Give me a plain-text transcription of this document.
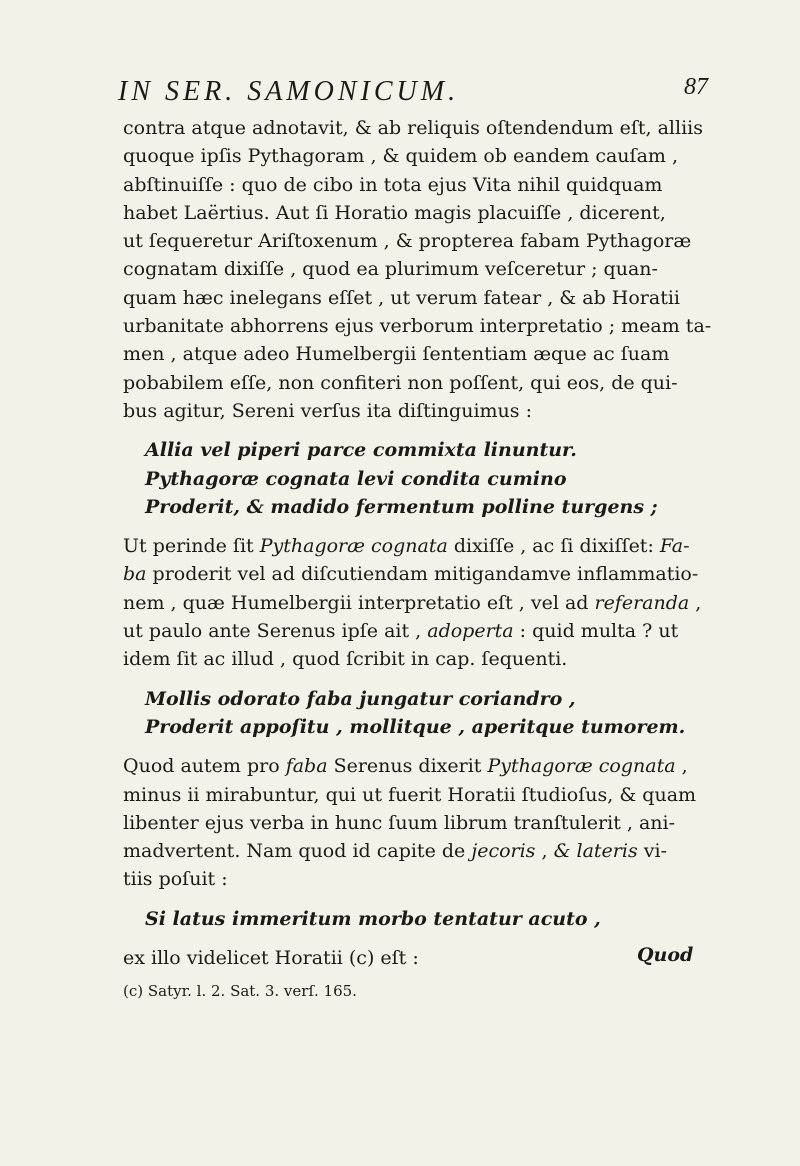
IN SER. SAMONICUM.	87
contra atque adnotavit, & ab reliquis oſtendendum eſt, alliis
quoque ipſis Pythagoram , & quidem ob eandem cauſam ,
abſtinuiſſe : quo de cibo in tota ejus Vita nihil quidquam
habet Laërtius. Aut ſi Horatio magis placuiſſe , dicerent,
ut ſequeretur Ariſtoxenum , & propterea fabam Pythagoræ
cognatam dixiſſe , quod ea plurimum veſceretur ; quan-
quam hæc inelegans eſſet , ut verum fatear , & ab Horatii
urbanitate abhorrens ejus verborum interpretatio ; meam ta-
men , atque adeo Humelbergii ſententiam æque ac ſuam
pobabilem eſſe, non confiteri non poſſent, qui eos, de qui-
bus agitur, Sereni verſus ita diſtinguimus :
Allia vel piperi parce commixta linuntur.
Pythagoræ cognata levi condita cumino
Proderit, & madido fermentum polline turgens ;
Ut perinde ſit Pythagoræ cognata dixiſſe , ac ſi dixiſſet: Fa-
ba proderit vel ad diſcutiendam mitigandamve inflammatio-
nem , quæ Humelbergii interpretatio eſt , vel ad referanda ,
ut paulo ante Serenus ipſe ait , adoperta : quid multa ? ut
idem ſit ac illud , quod ſcribit in cap. ſequenti.
Mollis odorato faba jungatur coriandro ,
Proderit appoſitu , mollitque , aperitque tumorem.
Quod autem pro faba Serenus dixerit Pythagoræ cognata ,
minus ii mirabuntur, qui ut fuerit Horatii ſtudioſus, & quam
libenter ejus verba in hunc ſuum librum tranſtulerit , ani-
madvertent. Nam quod id capite de jecoris , & lateris vi-
tiis poſuit :
Si latus immeritum morbo tentatur acuto ,
ex illo videlicet Horatii (c) eſt :	Quod
(c) Satyr. l. 2. Sat. 3. verſ. 165.
